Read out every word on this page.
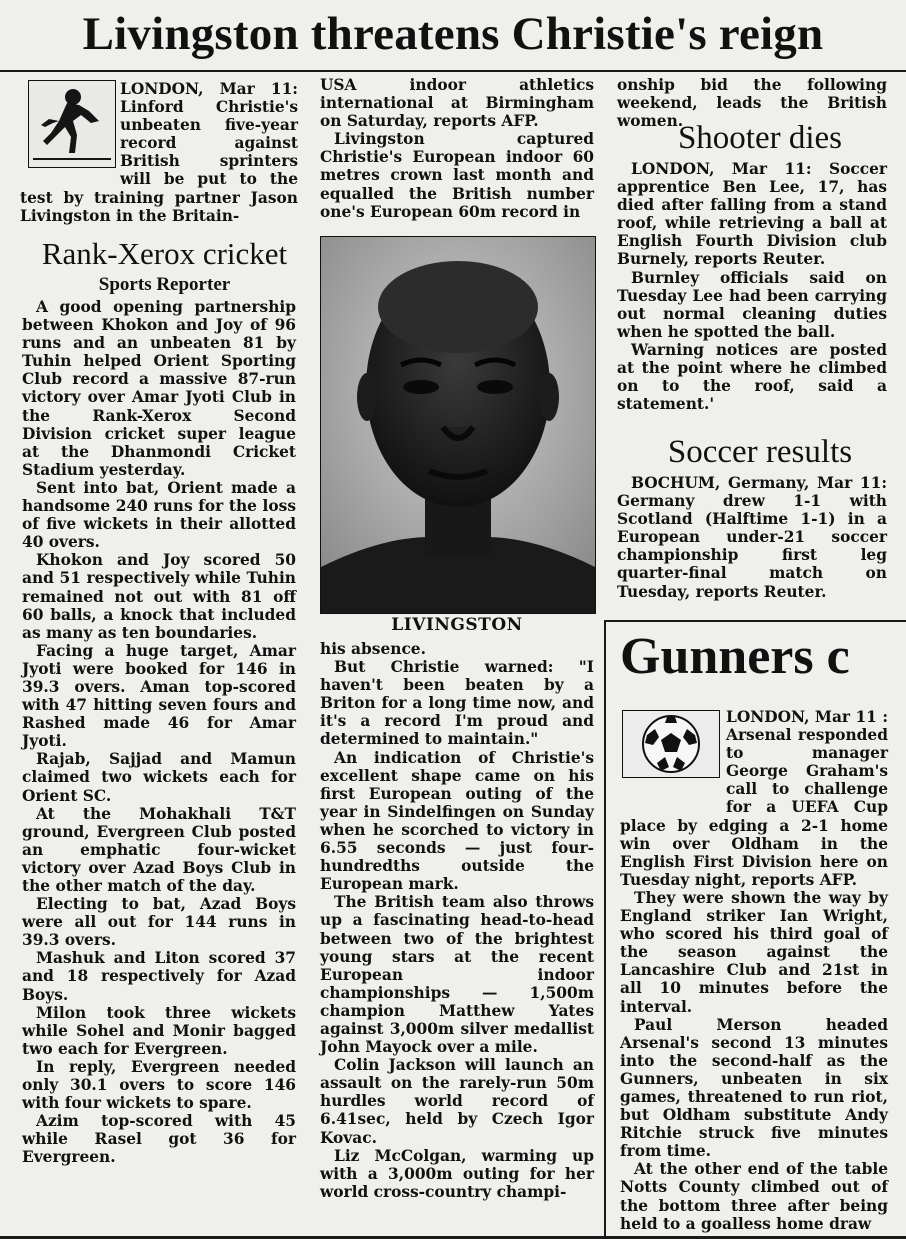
Livingston threatens Christie's reign

LONDON, Mar 11: Linford Christie's unbeaten five-year record against British sprinters will be put to the test by training partner Jason Livingston in the Britain-

Rank-Xerox cricket
Sports Reporter

A good opening partnership between Khokon and Joy of 96 runs and an unbeaten 81 by Tuhin helped Orient Sporting Club record a massive 87-run victory over Amar Jyoti Club in the Rank-Xerox Second Division cricket super league at the Dhanmondi Cricket Stadium yesterday.

Sent into bat, Orient made a handsome 240 runs for the loss of five wickets in their allotted 40 overs.

Khokon and Joy scored 50 and 51 respectively while Tuhin remained not out with 81 off 60 balls, a knock that included as many as ten boundaries.

Facing a huge target, Amar Jyoti were booked for 146 in 39.3 overs. Aman top-scored with 47 hitting seven fours and Rashed made 46 for Amar Jyoti.

Rajab, Sajjad and Mamun claimed two wickets each for Orient SC.

At the Mohakhali T&T ground, Evergreen Club posted an emphatic four-wicket victory over Azad Boys Club in the other match of the day.

Electing to bat, Azad Boys were all out for 144 runs in 39.3 overs.

Mashuk and Liton scored 37 and 18 respectively for Azad Boys.

Milon took three wickets while Sohel and Monir bagged two each for Evergreen.

In reply, Evergreen needed only 30.1 overs to score 146 with four wickets to spare.

Azim top-scored with 45 while Rasel got 36 for Evergreen.

USA indoor athletics international at Birmingham on Saturday, reports AFP.

Livingston captured Christie's European indoor 60 metres crown last month and equalled the British number one's European 60m record in

LIVINGSTON

his absence.

But Christie warned: "I haven't been beaten by a Briton for a long time now, and it's a record I'm proud and determined to maintain."

An indication of Christie's excellent shape came on his first European outing of the year in Sindelfingen on Sunday when he scorched to victory in 6.55 seconds — just four-hundredths outside the European mark.

The British team also throws up a fascinating head-to-head between two of the brightest young stars at the recent European indoor championships — 1,500m champion Matthew Yates against 3,000m silver medallist John Mayock over a mile.

Colin Jackson will launch an assault on the rarely-run 50m hurdles world record of 6.41sec, held by Czech Igor Kovac.

Liz McColgan, warming up with a 3,000m outing for her world cross-country champi-

onship bid the following weekend, leads the British women.

Shooter dies

LONDON, Mar 11: Soccer apprentice Ben Lee, 17, has died after falling from a stand roof, while retrieving a ball at English Fourth Division club Burnely, reports Reuter.

Burnley officials said on Tuesday Lee had been carrying out normal cleaning duties when he spotted the ball.

Warning notices are posted at the point where he climbed on to the roof, said a statement.'

Soccer results

BOCHUM, Germany, Mar 11: Germany drew 1-1 with Scotland (Halftime 1-1) in a European under-21 soccer championship first leg quarter-final match on Tuesday, reports Reuter.

Gunners c

LONDON, Mar 11 : Arsenal responded to manager George Graham's call to challenge for a UEFA Cup place by edging a 2-1 home win over Oldham in the English First Division here on Tuesday night, reports AFP.

They were shown the way by England striker Ian Wright, who scored his third goal of the season against the Lancashire Club and 21st in all 10 minutes before the interval.

Paul Merson headed Arsenal's second 13 minutes into the second-half as the Gunners, unbeaten in six games, threatened to run riot, but Oldham substitute Andy Ritchie struck five minutes from time.

At the other end of the table Notts County climbed out of the bottom three after being held to a goalless home draw
